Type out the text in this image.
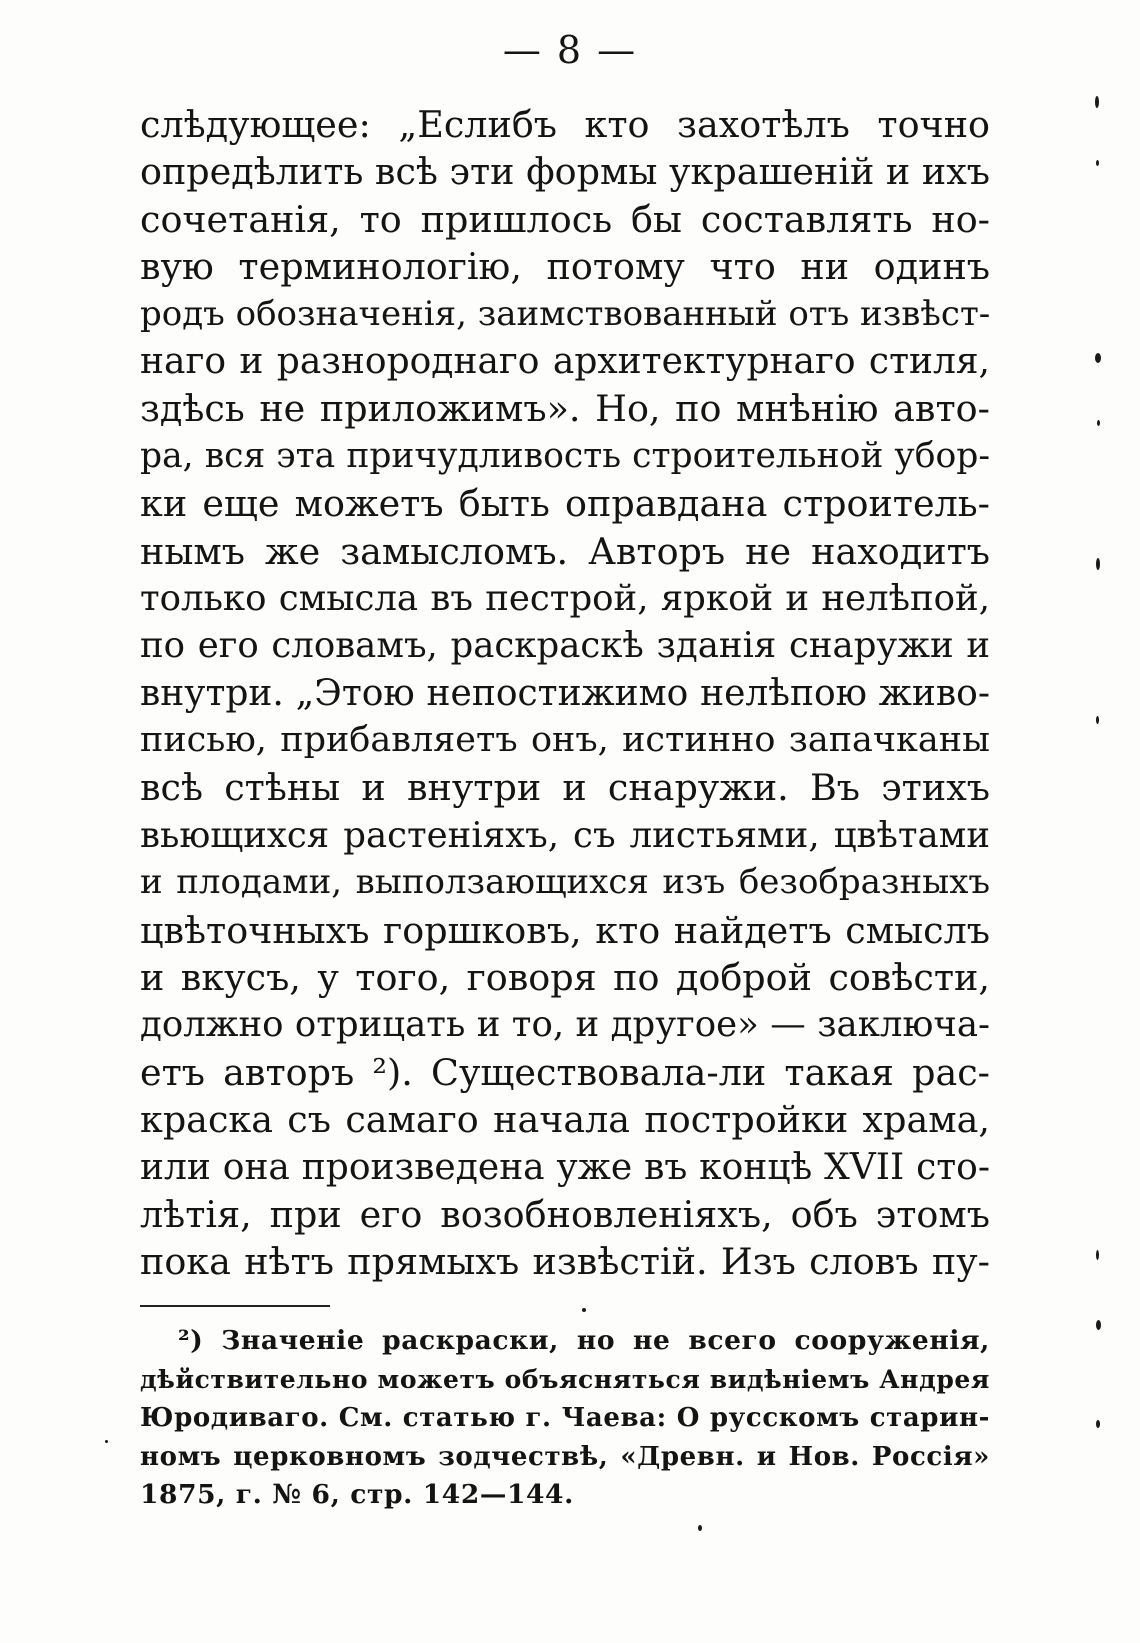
— 8 —
слѣдующее: „Еслибъ кто захотѣлъ точно
опредѣлить всѣ эти формы украшеній и ихъ
сочетанія, то пришлось бы составлять но-
вую терминологію, потому что ни одинъ
родъ обозначенія, заимствованный отъ извѣст-
наго и разнороднаго архитектурнаго стиля,
здѣсь не приложимъ». Но, по мнѣнію авто-
ра, вся эта причудливость строительной убор-
ки еще можетъ быть оправдана строитель-
нымъ же замысломъ. Авторъ не находитъ
только смысла въ пестрой, яркой и нелѣпой,
по его словамъ, раскраскѣ зданія снаружи и
внутри. „Этою непостижимо нелѣпою живо-
писью, прибавляетъ онъ, истинно запачканы
всѣ стѣны и внутри и снаружи. Въ этихъ
вьющихся растеніяхъ, съ листьями, цвѣтами
и плодами, выползающихся изъ безобразныхъ
цвѣточныхъ горшковъ, кто найдетъ смыслъ
и вкусъ, у того, говоря по доброй совѣсти,
должно отрицать и то, и другое» — заключа-
етъ авторъ ²). Существовала-ли такая рас-
краска съ самаго начала постройки храма,
или она произведена уже въ концѣ XVII сто-
лѣтія, при его возобновленіяхъ, объ этомъ
пока нѣтъ прямыхъ извѣстій. Изъ словъ пу-
²) Значеніе раскраски, но не всего сооруженія,
дѣйствительно можетъ объясняться видѣніемъ Андрея
Юродиваго. См. статью г. Чаева: О русскомъ старин-
номъ церковномъ зодчествѣ, «Древн. и Нов. Россія»
1875, г. № 6, стр. 142—144.
